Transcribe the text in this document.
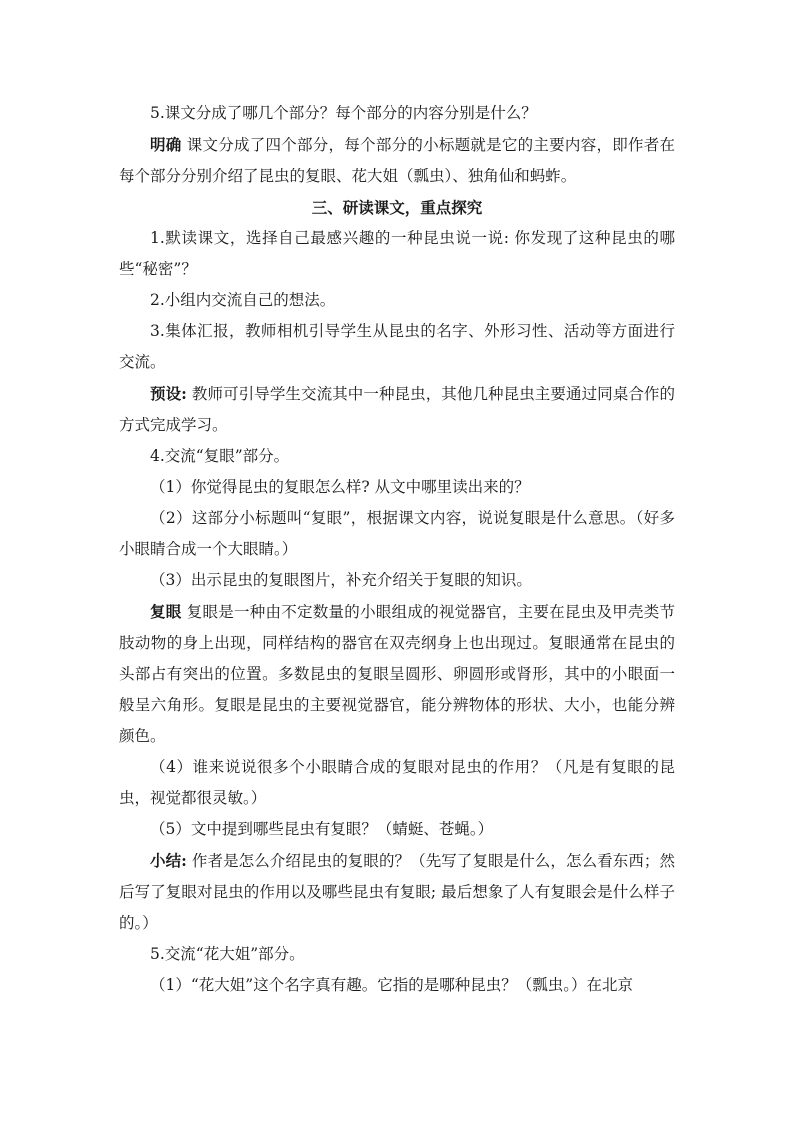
5.课文分成了哪几个部分？每个部分的内容分别是什么？

明确 课文分成了四个部分，每个部分的小标题就是它的主要内容，即作者在每个部分分别介绍了昆虫的复眼、花大姐（瓢虫）、独角仙和蚂蚱。

三、研读课文，重点探究

1.默读课文，选择自己最感兴趣的一种昆虫说一说: 你发现了这种昆虫的哪些“秘密”？

2.小组内交流自己的想法。

3.集体汇报，教师相机引导学生从昆虫的名字、外形习性、活动等方面进行交流。

预设: 教师可引导学生交流其中一种昆虫，其他几种昆虫主要通过同桌合作的方式完成学习。

4.交流“复眼”部分。

（1）你觉得昆虫的复眼怎么样? 从文中哪里读出来的？

（2）这部分小标题叫“复眼”，根据课文内容，说说复眼是什么意思。（好多小眼睛合成一个大眼睛。）

（3）出示昆虫的复眼图片，补充介绍关于复眼的知识。

复眼 复眼是一种由不定数量的小眼组成的视觉器官，主要在昆虫及甲壳类节肢动物的身上出现，同样结构的器官在双壳纲身上也出现过。复眼通常在昆虫的头部占有突出的位置。多数昆虫的复眼呈圆形、卵圆形或肾形，其中的小眼面一般呈六角形。复眼是昆虫的主要视觉器官，能分辨物体的形状、大小，也能分辨颜色。

（4）谁来说说很多个小眼睛合成的复眼对昆虫的作用？（凡是有复眼的昆虫，视觉都很灵敏。）

（5）文中提到哪些昆虫有复眼？（蜻蜓、苍蝇。）

小结: 作者是怎么介绍昆虫的复眼的？（先写了复眼是什么，怎么看东西；然后写了复眼对昆虫的作用以及哪些昆虫有复眼; 最后想象了人有复眼会是什么样子的。）

5.交流“花大姐”部分。

（1）“花大姐”这个名字真有趣。它指的是哪种昆虫？（瓢虫。）在北京
